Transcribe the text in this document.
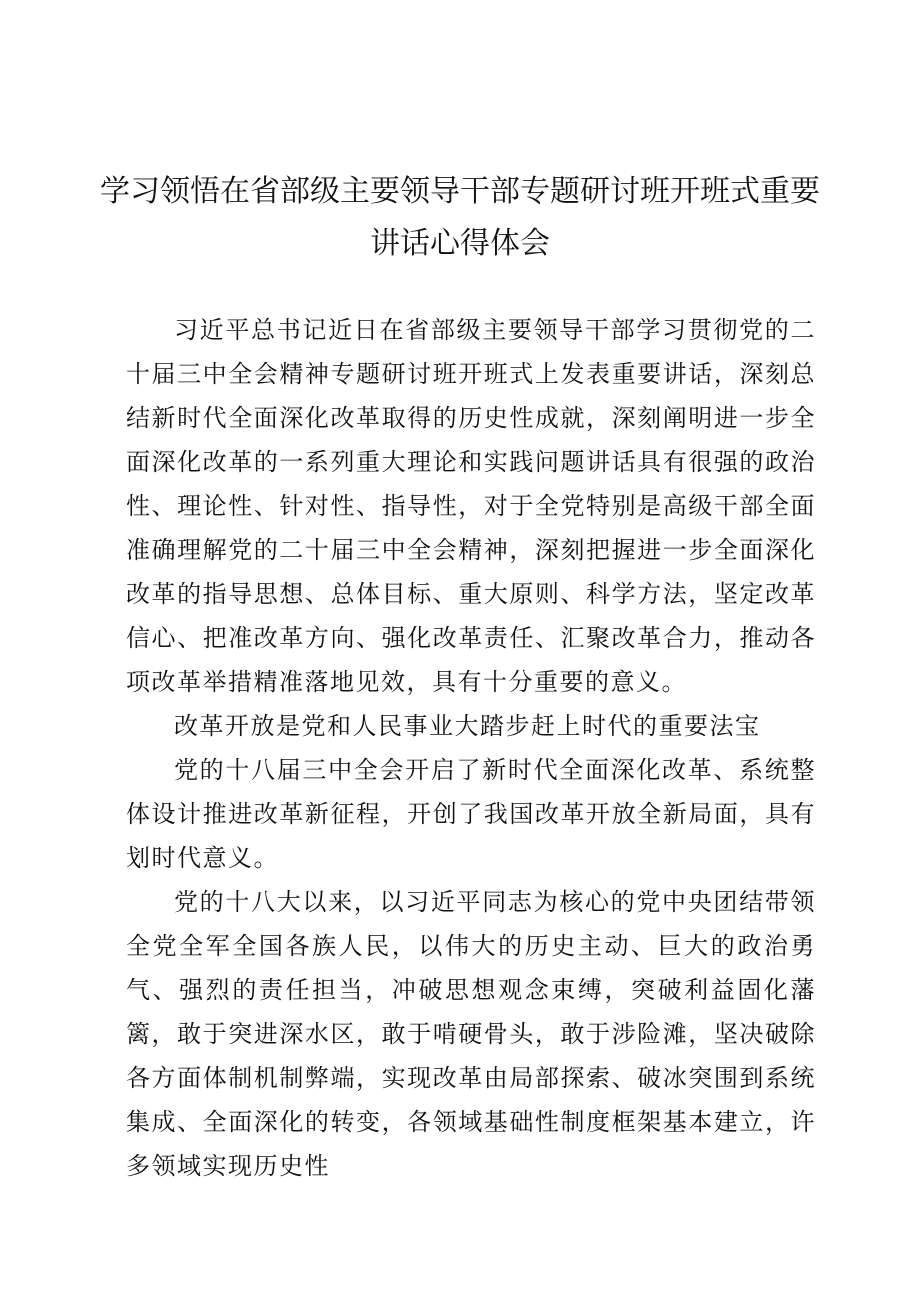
学习领悟在省部级主要领导干部专题研讨班开班式重要
讲话心得体会

习近平总书记近日在省部级主要领导干部学习贯彻党的二十届三中全会精神专题研讨班开班式上发表重要讲话，深刻总结新时代全面深化改革取得的历史性成就，深刻阐明进一步全面深化改革的一系列重大理论和实践问题讲话具有很强的政治性、理论性、针对性、指导性，对于全党特别是高级干部全面准确理解党的二十届三中全会精神，深刻把握进一步全面深化改革的指导思想、总体目标、重大原则、科学方法，坚定改革信心、把准改革方向、强化改革责任、汇聚改革合力，推动各项改革举措精准落地见效，具有十分重要的意义。

改革开放是党和人民事业大踏步赶上时代的重要法宝

党的十八届三中全会开启了新时代全面深化改革、系统整体设计推进改革新征程，开创了我国改革开放全新局面，具有划时代意义。

党的十八大以来，以习近平同志为核心的党中央团结带领全党全军全国各族人民，以伟大的历史主动、巨大的政治勇气、强烈的责任担当，冲破思想观念束缚，突破利益固化藩篱，敢于突进深水区，敢于啃硬骨头，敢于涉险滩，坚决破除各方面体制机制弊端，实现改革由局部探索、破冰突围到系统集成、全面深化的转变，各领域基础性制度框架基本建立，许多领域实现历史性
